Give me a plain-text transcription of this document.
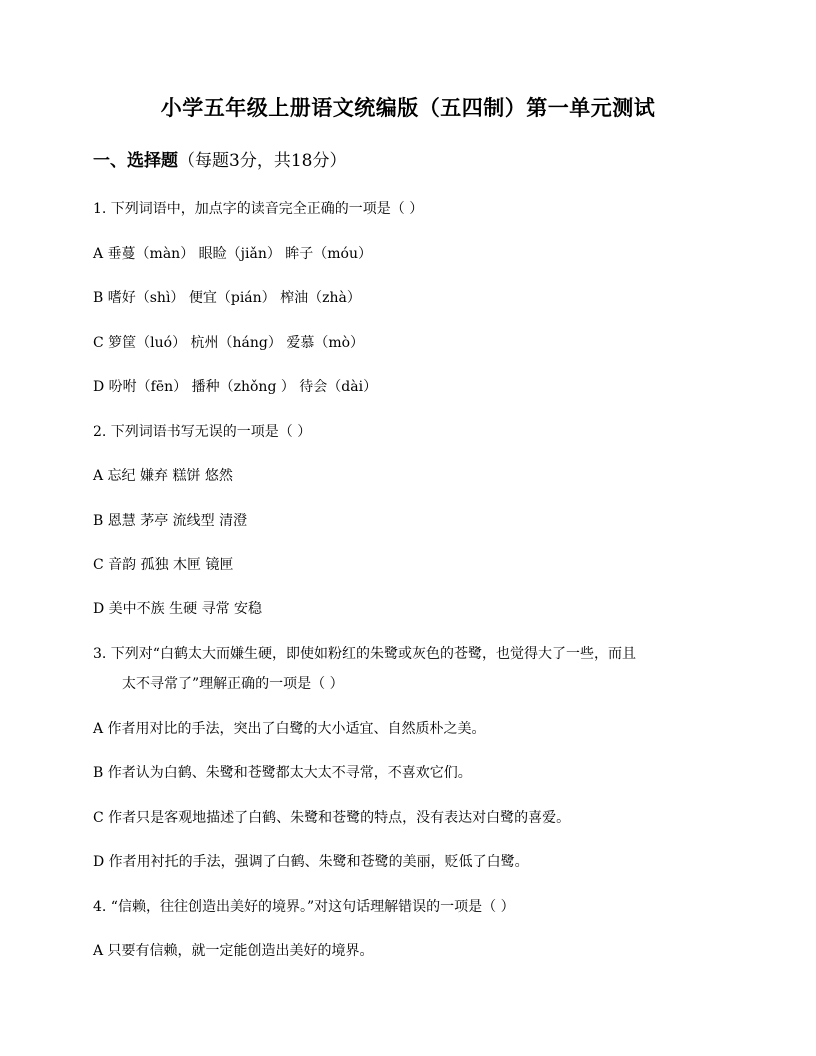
小学五年级上册语文统编版（五四制）第一单元测试
一、选择题（每题3分，共18分）
1. 下列词语中，加点字的读音完全正确的一项是（ ）
A 垂蔓（màn） 眼睑（jiǎn） 眸子（móu）
B 嗜好（shì） 便宜（pián） 榨油（zhà）
C 箩筐（luó） 杭州（háng） 爱慕（mò）
D 吩咐（fēn） 播种（zhǒng ） 待会（dài）
2. 下列词语书写无误的一项是（ ）
A 忘纪 嫌弃 糕饼 悠然
B 恩慧 茅亭 流线型 清澄
C 音韵 孤独 木匣 镜匣
D 美中不族 生硬 寻常 安稳
3. 下列对“白鹤太大而嫌生硬，即使如粉红的朱鹭或灰色的苍鹭，也觉得大了一些，而且
太不寻常了”理解正确的一项是（ ）
A 作者用对比的手法，突出了白鹭的大小适宜、自然质朴之美。
B 作者认为白鹤、朱鹭和苍鹭都太大太不寻常，不喜欢它们。
C 作者只是客观地描述了白鹤、朱鹭和苍鹭的特点，没有表达对白鹭的喜爱。
D 作者用衬托的手法，强调了白鹤、朱鹭和苍鹭的美丽，贬低了白鹭。
4. “信赖，往往创造出美好的境界。”对这句话理解错误的一项是（ ）
A 只要有信赖，就一定能创造出美好的境界。
